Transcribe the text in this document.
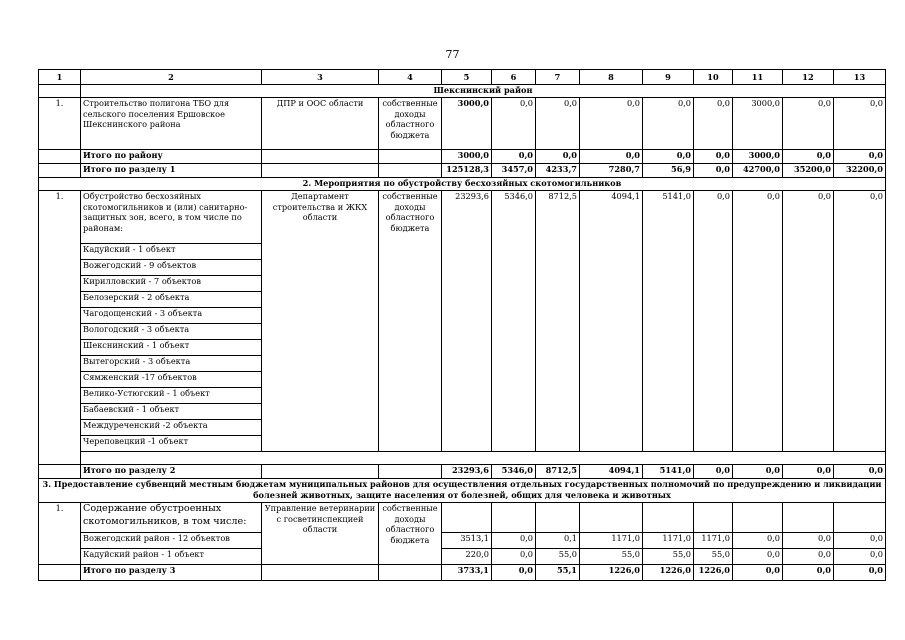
77
1	2	3	4	5	6	7	8	9	10	11	12	13
	Шекснинский район											
1.	Строительство полигона ТБО для сельского поселения Ершовское Шекснинского района	ДПР и ООС области	собственные доходы областного бюджета	3000,0	0,0	0,0	0,0	0,0	0,0	3000,0	0,0	0,0
	Итого по району			3000,0	0,0	0,0	0,0	0,0	0,0	3000,0	0,0	0,0
	Итого по разделу 1			125128,3	3457,0	4233,7	7280,7	56,9	0,0	42700,0	35200,0	32200,0
2. Мероприятия по обустройству бесхозяйных скотомогильников												
1.	Обустройство бесхозяйных скотомогильников и (или) санитарно-защитных зон, всего, в том числе по районам:	Департамент строительства и ЖКХ области	собственные доходы областного бюджета	23293,6	5346,0	8712,5	4094,1	5141,0	0,0	0,0	0,0	0,0
	Кадуйский - 1 объект											
	Вожегодский - 9 объектов											
	Кирилловский - 7 объектов											
	Белозерский - 2 объекта											
	Чагодощенский - 3 объекта											
	Вологодский - 3 объекта											
	Шекснинский - 1 объект											
	Вытегорский - 3 объекта											
	Сямженский -17 объектов											
	Велико-Устюгский - 1 объект											
	Бабаевский - 1 объект											
	Междуреченский -2 объекта											
	Череповецкий -1 объект											

	Итого по разделу 2			23293,6	5346,0	8712,5	4094,1	5141,0	0,0	0,0	0,0	0,0
3. Предоставление субвенций местным бюджетам муниципальных районов для осуществления отдельных государственных полномочий по предупреждению и ликвидации болезней животных, защите населения от болезней, общих для человека и животных												
1.	Содержание обустроенных скотомогильников, в том числе:	Управление ветеринарии с госветинспекцией области	собственные доходы областного бюджета									
	Вожегодский район - 12 объектов			3513,1	0,0	0,1	1171,0	1171,0	1171,0	0,0	0,0	0,0
	Кадуйский район - 1 объект			220,0	0,0	55,0	55,0	55,0	55,0	0,0	0,0	0,0
	Итого по разделу 3			3733,1	0,0	55,1	1226,0	1226,0	1226,0	0,0	0,0	0,0
